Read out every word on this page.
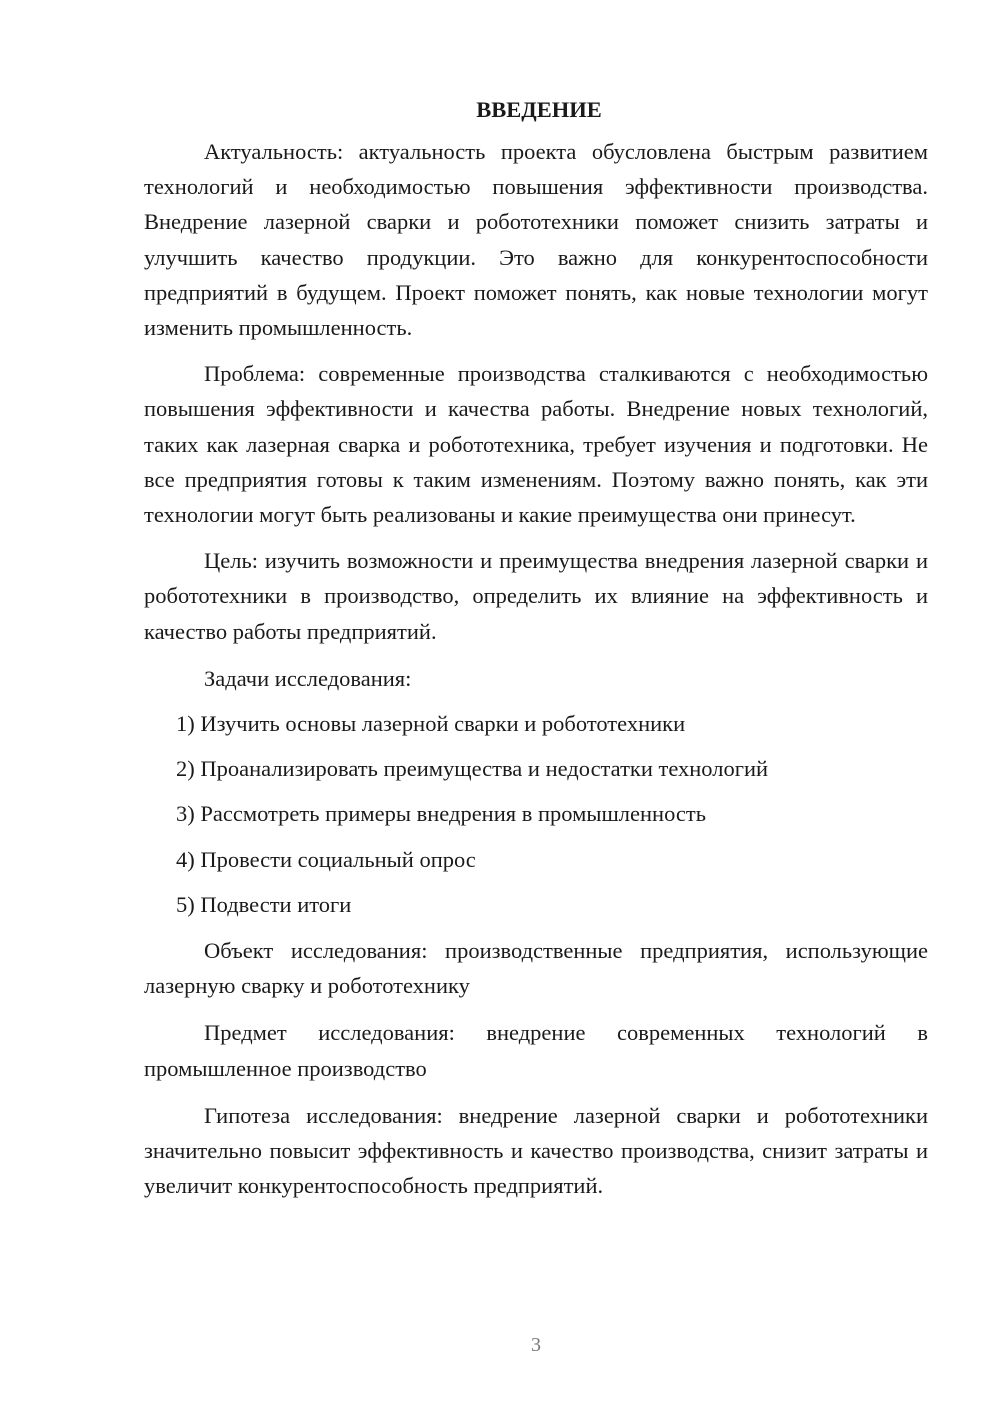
ВВЕДЕНИЕ

Актуальность: актуальность проекта обусловлена быстрым развитием технологий и необходимостью повышения эффективности производства. Внедрение лазерной сварки и робототехники поможет снизить затраты и улучшить качество продукции. Это важно для конкурентоспособности предприятий в будущем. Проект поможет понять, как новые технологии могут изменить промышленность.

Проблема: современные производства сталкиваются с необходимостью повышения эффективности и качества работы. Внедрение новых технологий, таких как лазерная сварка и робототехника, требует изучения и подготовки. Не все предприятия готовы к таким изменениям. Поэтому важно понять, как эти технологии могут быть реализованы и какие преимущества они принесут.

Цель: изучить возможности и преимущества внедрения лазерной сварки и робототехники в производство, определить их влияние на эффективность и качество работы предприятий.

Задачи исследования:

1) Изучить основы лазерной сварки и робототехники

2) Проанализировать преимущества и недостатки технологий

3) Рассмотреть примеры внедрения в промышленность

4) Провести социальный опрос

5) Подвести итоги

Объект исследования: производственные предприятия, использующие лазерную сварку и робототехнику

Предмет исследования: внедрение современных технологий в промышленное производство

Гипотеза исследования: внедрение лазерной сварки и робототехники значительно повысит эффективность и качество производства, снизит затраты и увеличит конкурентоспособность предприятий.

3
